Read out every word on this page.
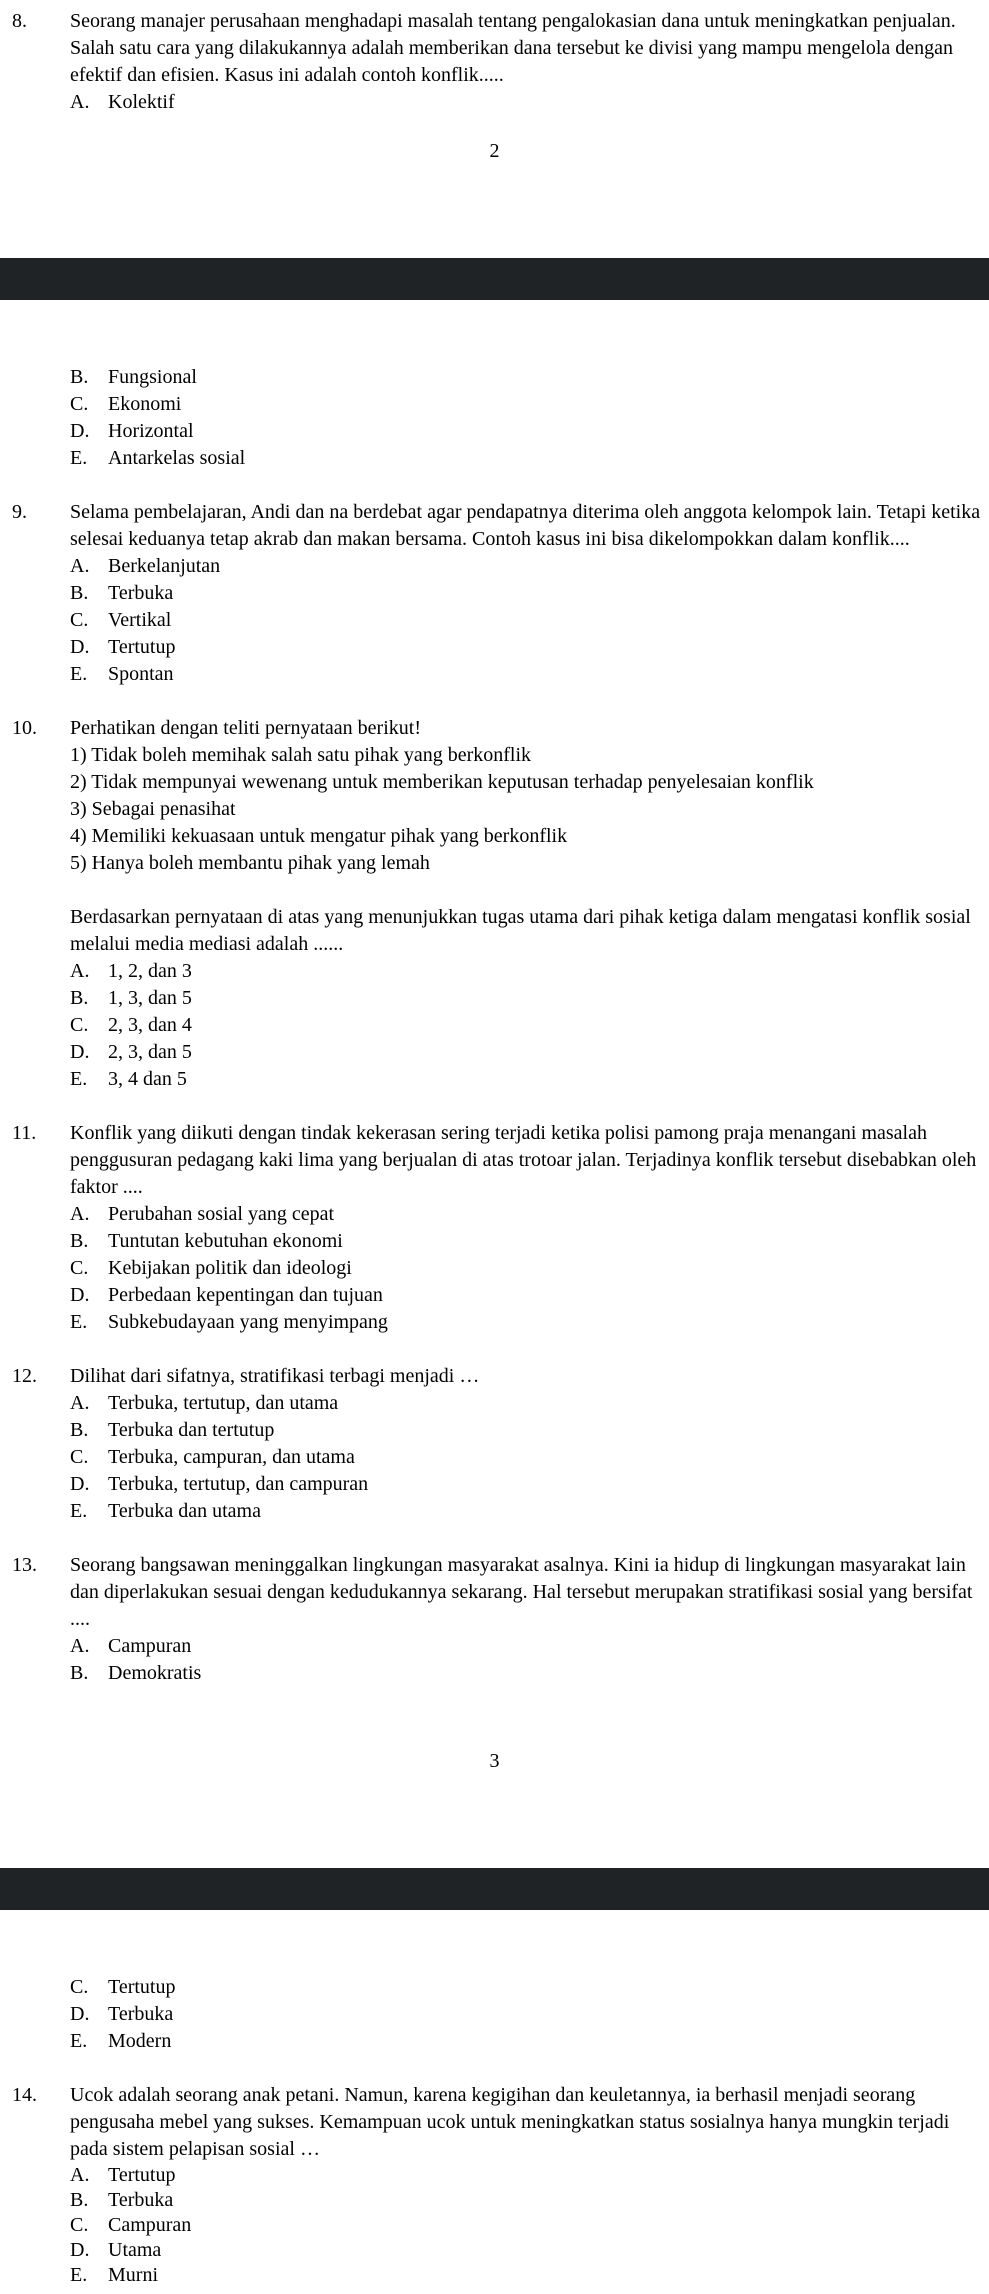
8. Seorang manajer perusahaan menghadapi masalah tentang pengalokasian dana untuk meningkatkan penjualan. Salah satu cara yang dilakukannya adalah memberikan dana tersebut ke divisi yang mampu mengelola dengan efektif dan efisien. Kasus ini adalah contoh konflik.....
A. Kolektif
2
B. Fungsional
C. Ekonomi
D. Horizontal
E. Antarkelas sosial
9. Selama pembelajaran, Andi dan na berdebat agar pendapatnya diterima oleh anggota kelompok lain. Tetapi ketika selesai keduanya tetap akrab dan makan bersama. Contoh kasus ini bisa dikelompokkan dalam konflik....
A. Berkelanjutan
B. Terbuka
C. Vertikal
D. Tertutup
E. Spontan
10. Perhatikan dengan teliti pernyataan berikut!
1) Tidak boleh memihak salah satu pihak yang berkonflik
2) Tidak mempunyai wewenang untuk memberikan keputusan terhadap penyelesaian konflik
3) Sebagai penasihat
4) Memiliki kekuasaan untuk mengatur pihak yang berkonflik
5) Hanya boleh membantu pihak yang lemah
Berdasarkan pernyataan di atas yang menunjukkan tugas utama dari pihak ketiga dalam mengatasi konflik sosial melalui media mediasi adalah ......
A. 1, 2, dan 3
B. 1, 3, dan 5
C. 2, 3, dan 4
D. 2, 3, dan 5
E. 3, 4 dan 5
11. Konflik yang diikuti dengan tindak kekerasan sering terjadi ketika polisi pamong praja menangani masalah penggusuran pedagang kaki lima yang berjualan di atas trotoar jalan. Terjadinya konflik tersebut disebabkan oleh faktor ....
A. Perubahan sosial yang cepat
B. Tuntutan kebutuhan ekonomi
C. Kebijakan politik dan ideologi
D. Perbedaan kepentingan dan tujuan
E. Subkebudayaan yang menyimpang
12. Dilihat dari sifatnya, stratifikasi terbagi menjadi …
A. Terbuka, tertutup, dan utama
B. Terbuka dan tertutup
C. Terbuka, campuran, dan utama
D. Terbuka, tertutup, dan campuran
E. Terbuka dan utama
13. Seorang bangsawan meninggalkan lingkungan masyarakat asalnya. Kini ia hidup di lingkungan masyarakat lain dan diperlakukan sesuai dengan kedudukannya sekarang. Hal tersebut merupakan stratifikasi sosial yang bersifat ....
A. Campuran
B. Demokratis
3
C. Tertutup
D. Terbuka
E. Modern
14. Ucok adalah seorang anak petani. Namun, karena kegigihan dan keuletannya, ia berhasil menjadi seorang pengusaha mebel yang sukses. Kemampuan ucok untuk meningkatkan status sosialnya hanya mungkin terjadi pada sistem pelapisan sosial …
A. Tertutup
B. Terbuka
C. Campuran
D. Utama
E. Murni
